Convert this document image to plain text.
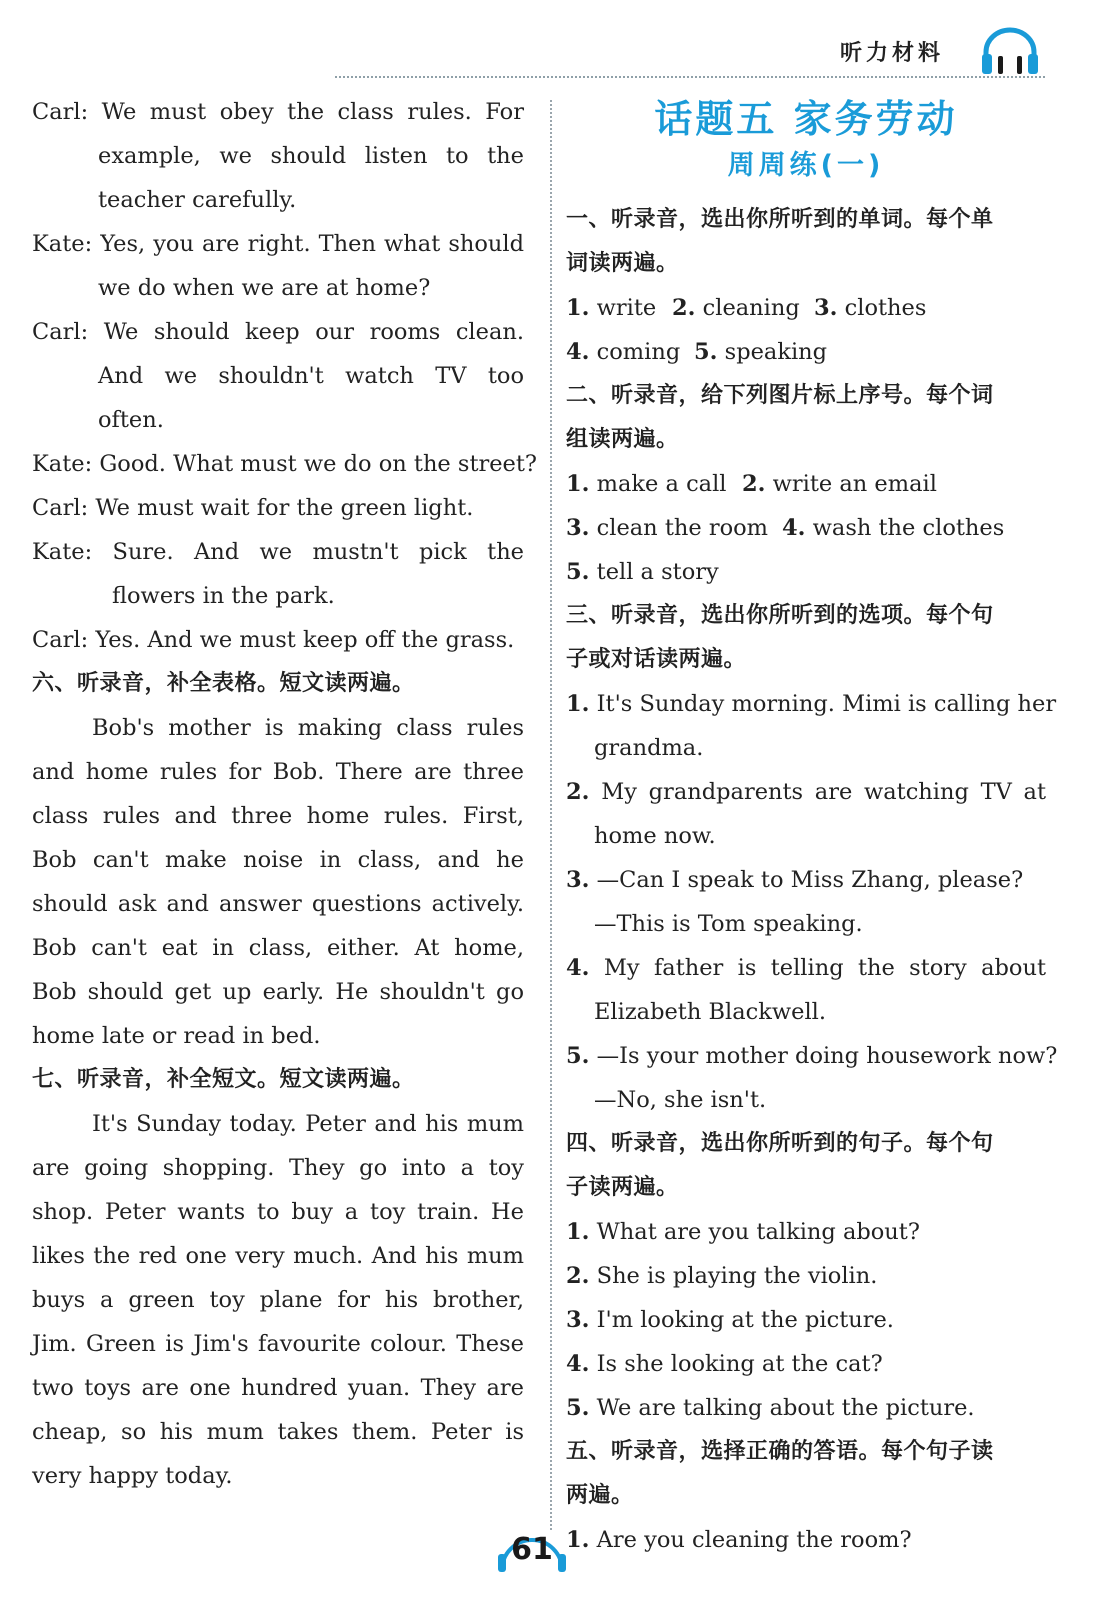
听力材料
Carl: We must obey the class rules. For
example, we should listen to the
teacher carefully.
Kate: Yes, you are right. Then what should
we do when we are at home?
Carl: We should keep our rooms clean.
And we shouldn't watch TV too
often.
Kate: Good. What must we do on the street?
Carl: We must wait for the green light.
Kate: Sure. And we mustn't pick the
flowers in the park.
Carl: Yes. And we must keep off the grass.
六、听录音，补全表格。短文读两遍。
Bob's mother is making class rules
and home rules for Bob. There are three
class rules and three home rules. First,
Bob can't make noise in class, and he
should ask and answer questions actively.
Bob can't eat in class, either. At home,
Bob should get up early. He shouldn't go
home late or read in bed.
七、听录音，补全短文。短文读两遍。
It's Sunday today. Peter and his mum
are going shopping. They go into a toy
shop. Peter wants to buy a toy train. He
likes the red one very much. And his mum
buys a green toy plane for his brother,
Jim. Green is Jim's favourite colour. These
two toys are one hundred yuan. They are
cheap, so his mum takes them. Peter is
very happy today.
话题五 家务劳动
周周练(一)
一、听录音，选出你所听到的单词。每个单
词读两遍。
1. write 2. cleaning 3. clothes
4. coming 5. speaking
二、听录音，给下列图片标上序号。每个词
组读两遍。
1. make a call 2. write an email
3. clean the room 4. wash the clothes
5. tell a story
三、听录音，选出你所听到的选项。每个句
子或对话读两遍。
1. It's Sunday morning. Mimi is calling her
grandma.
2. My grandparents are watching TV at
home now.
3. —Can I speak to Miss Zhang, please?
—This is Tom speaking.
4. My father is telling the story about
Elizabeth Blackwell.
5. —Is your mother doing housework now?
—No, she isn't.
四、听录音，选出你所听到的句子。每个句
子读两遍。
1. What are you talking about?
2. She is playing the violin.
3. I'm looking at the picture.
4. Is she looking at the cat?
5. We are talking about the picture.
五、听录音，选择正确的答语。每个句子读
两遍。
1. Are you cleaning the room?
61
